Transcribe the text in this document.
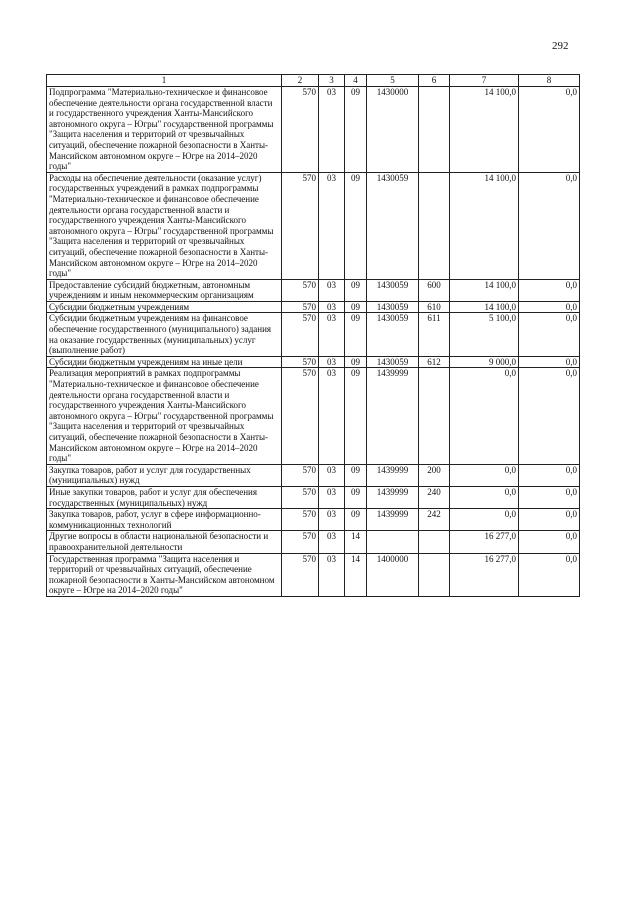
292
1	2	3	4	5	6	7	8
Подпрограмма "Материально-техническое и финансовое обеспечение деятельности органа государственной власти и государственного учреждения Ханты-Мансийского автономного округа – Югры" государственной программы "Защита населения и территорий от чрезвычайных ситуаций, обеспечение пожарной безопасности в Ханты-Мансийском автономном округе – Югре на 2014–2020 годы"	570	03	09	1430000		14 100,0	0,0
Расходы на обеспечение деятельности (оказание услуг) государственных учреждений в рамках подпрограммы "Материально-техническое и финансовое обеспечение деятельности органа государственной власти и государственного учреждения Ханты-Мансийского автономного округа – Югры" государственной программы "Защита населения и территорий от чрезвычайных ситуаций, обеспечение пожарной безопасности в Ханты-Мансийском автономном округе – Югре на 2014–2020 годы"	570	03	09	1430059		14 100,0	0,0
Предоставление субсидий бюджетным, автономным учреждениям и иным некоммерческим организациям	570	03	09	1430059	600	14 100,0	0,0
Субсидии бюджетным учреждениям	570	03	09	1430059	610	14 100,0	0,0
Субсидии бюджетным учреждениям на финансовое обеспечение государственного (муниципального) задания на оказание государственных (муниципальных) услуг (выполнение работ)	570	03	09	1430059	611	5 100,0	0,0
Субсидии бюджетным учреждениям на иные цели	570	03	09	1430059	612	9 000,0	0,0
Реализация мероприятий в рамках подпрограммы "Материально-техническое и финансовое обеспечение деятельности органа государственной власти и государственного учреждения Ханты-Мансийского автономного округа – Югры" государственной программы "Защита населения и территорий от чрезвычайных ситуаций, обеспечение пожарной безопасности в Ханты-Мансийском автономном округе – Югре на 2014–2020 годы"	570	03	09	1439999		0,0	0,0
Закупка товаров, работ и услуг для государственных (муниципальных) нужд	570	03	09	1439999	200	0,0	0,0
Иные закупки товаров, работ и услуг для обеспечения государственных (муниципальных) нужд	570	03	09	1439999	240	0,0	0,0
Закупка товаров, работ, услуг в сфере информационно-коммуникационных технологий	570	03	09	1439999	242	0,0	0,0
Другие вопросы в области национальной безопасности и правоохранительной деятельности	570	03	14			16 277,0	0,0
Государственная программа "Защита населения и территорий от чрезвычайных ситуаций, обеспечение пожарной безопасности в Ханты-Мансийском автономном округе – Югре на 2014–2020 годы"	570	03	14	1400000		16 277,0	0,0
